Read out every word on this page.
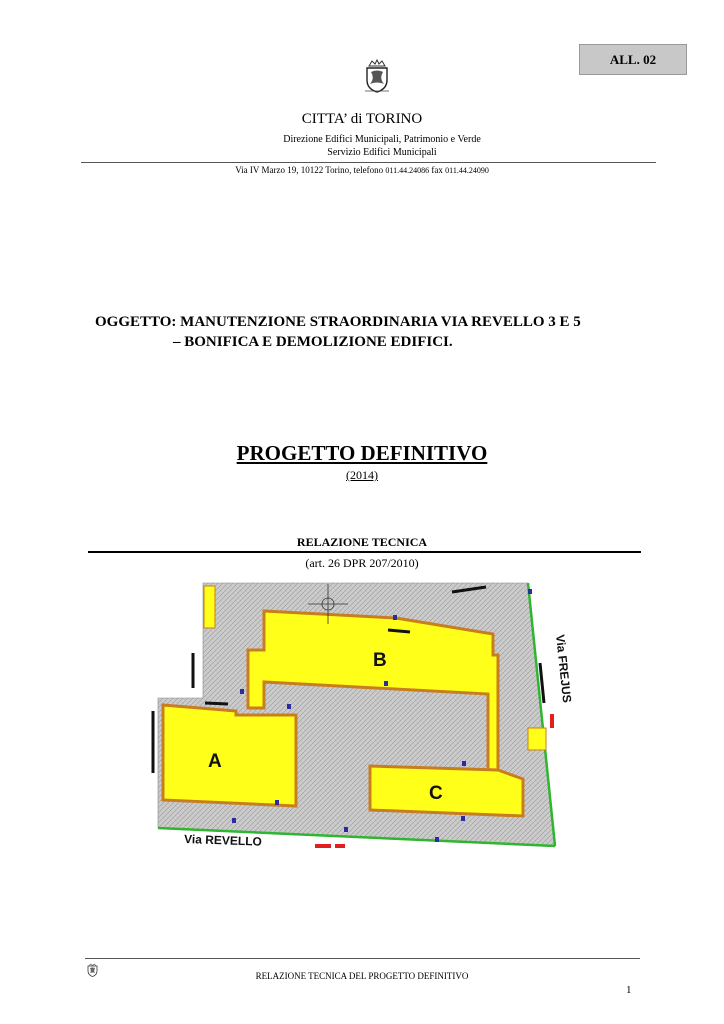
ALL. 02
CITTA’ di TORINO
Direzione Edifici Municipali, Patrimonio e Verde
Servizio Edifici Municipali
Via IV Marzo 19, 10122 Torino, telefono 011.44.24086 fax 011.44.24090
OGGETTO: MANUTENZIONE STRAORDINARIA VIA REVELLO 3 E 5
– BONIFICA E DEMOLIZIONE EDIFICI.
PROGETTO DEFINITIVO
(2014)
RELAZIONE TECNICA
(art. 26 DPR 207/2010)
A
B
C
Via REVELLO
Via FREJUS
RELAZIONE TECNICA DEL PROGETTO DEFINITIVO
1
